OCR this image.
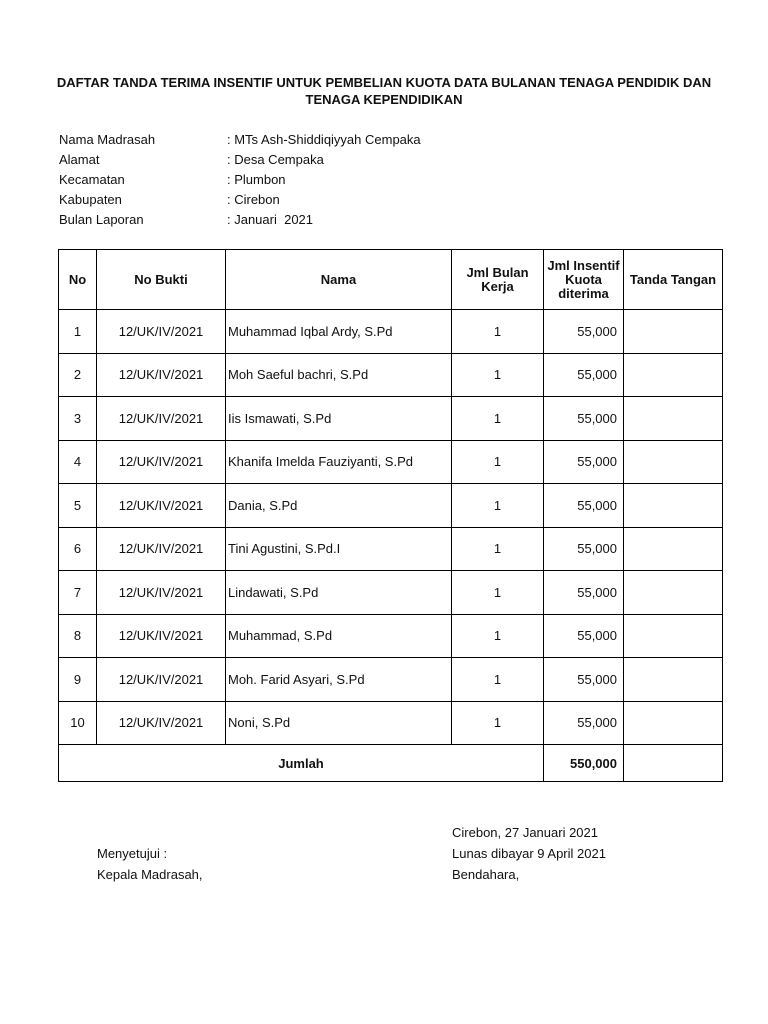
DAFTAR TANDA TERIMA INSENTIF UNTUK PEMBELIAN KUOTA DATA BULANAN TENAGA PENDIDIK DAN TENAGA KEPENDIDIKAN
Nama Madrasah	: MTs Ash-Shiddiqiyyah Cempaka
Alamat	: Desa Cempaka
Kecamatan	: Plumbon
Kabupaten	: Cirebon
Bulan Laporan	: Januari  2021
No	No Bukti	Nama	Jml Bulan Kerja	Jml Insentif Kuota diterima	Tanda Tangan
1	12/UK/IV/2021	Muhammad Iqbal Ardy, S.Pd	1	55,000	
2	12/UK/IV/2021	Moh Saeful bachri, S.Pd	1	55,000	
3	12/UK/IV/2021	Iis Ismawati, S.Pd	1	55,000	
4	12/UK/IV/2021	Khanifa Imelda Fauziyanti, S.Pd	1	55,000	
5	12/UK/IV/2021	Dania, S.Pd	1	55,000	
6	12/UK/IV/2021	Tini Agustini, S.Pd.I	1	55,000	
7	12/UK/IV/2021	Lindawati, S.Pd	1	55,000	
8	12/UK/IV/2021	Muhammad, S.Pd	1	55,000	
9	12/UK/IV/2021	Moh. Farid Asyari, S.Pd	1	55,000	
10	12/UK/IV/2021	Noni, S.Pd	1	55,000	
Jumlah				550,000	
Menyetujui :
Kepala Madrasah,
Cirebon, 27 Januari 2021
Lunas dibayar 9 April 2021
Bendahara,
